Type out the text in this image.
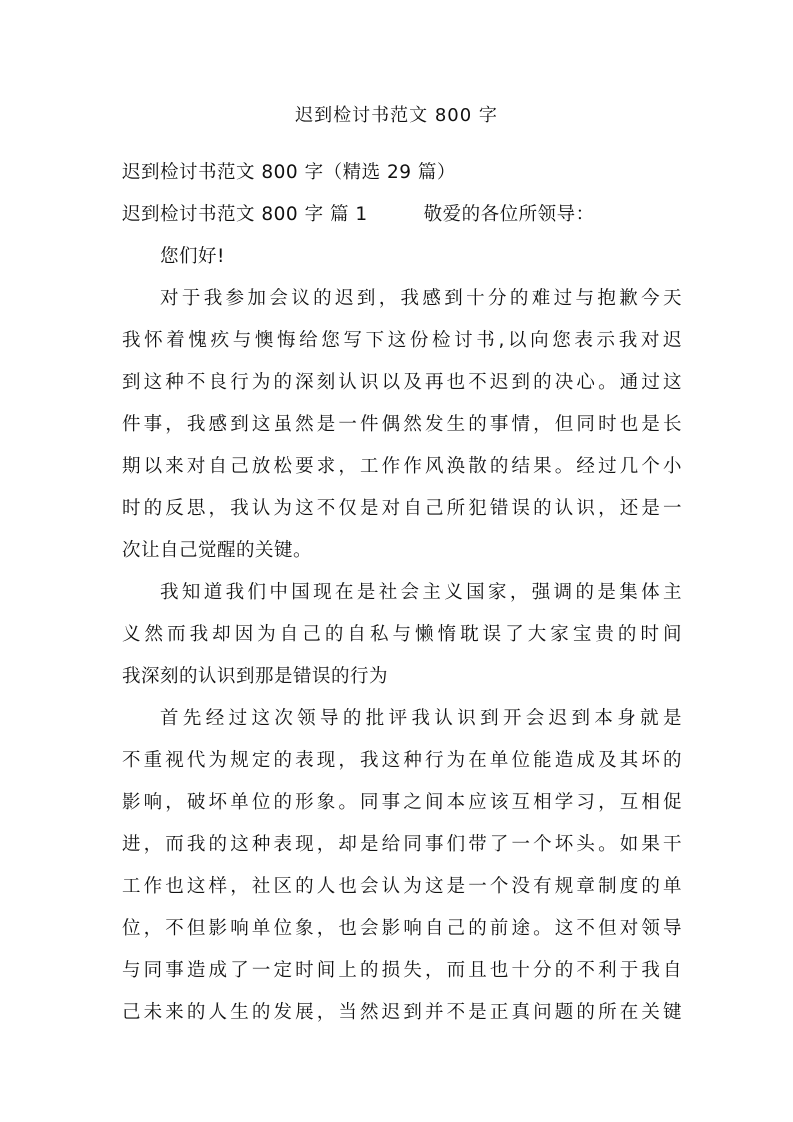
迟到检讨书范文 800 字
迟到检讨书范文 800 字（精选 29 篇）
迟到检讨书范文 800 字 篇 1	敬爱的各位所领导：
您们好!
对于我参加会议的迟到，我感到十分的难过与抱歉今天
我怀着愧疚与懊悔给您写下这份检讨书,以向您表示我对迟
到这种不良行为的深刻认识以及再也不迟到的决心。通过这
件事，我感到这虽然是一件偶然发生的事情，但同时也是长
期以来对自己放松要求，工作作风涣散的结果。经过几个小
时的反思，我认为这不仅是对自己所犯错误的认识，还是一
次让自己觉醒的关键。
我知道我们中国现在是社会主义国家，强调的是集体主
义然而我却因为自己的自私与懒惰耽误了大家宝贵的时间
我深刻的认识到那是错误的行为
首先经过这次领导的批评我认识到开会迟到本身就是
不重视代为规定的表现，我这种行为在单位能造成及其坏的
影响，破坏单位的形象。同事之间本应该互相学习，互相促
进，而我的这种表现，却是给同事们带了一个坏头。如果干
工作也这样，社区的人也会认为这是一个没有规章制度的单
位，不但影响单位象，也会影响自己的前途。这不但对领导
与同事造成了一定时间上的损失，而且也十分的不利于我自
己未来的人生的发展，当然迟到并不是正真问题的所在关键
